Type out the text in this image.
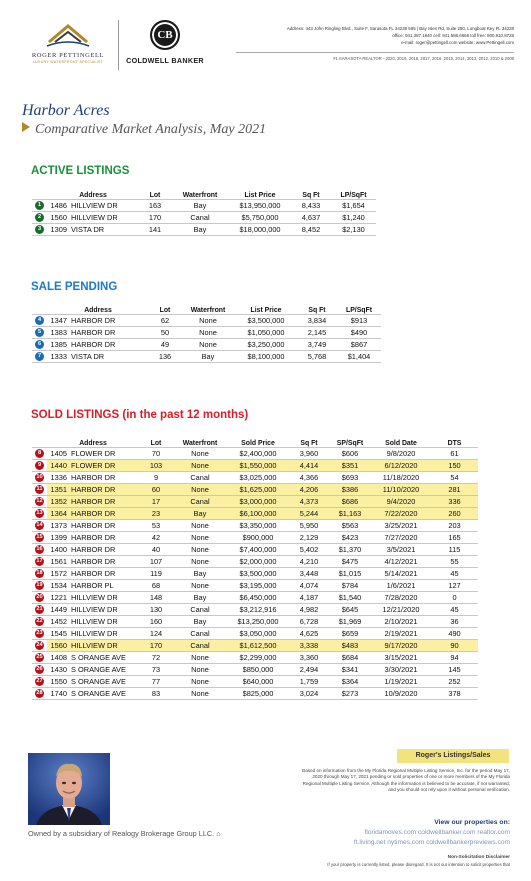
ROGER PETTINGELL
LUXURY WATERFRONT SPECIALIST
CB
COLDWELL BANKER
Address: 443 John Ringling Blvd., Suite F, Sarasota FL 34236 595 | Bay Isles Rd, Suite 250, Longboat Key FL 34228
office: 941.387.1840 cell: 941.586.6668 toll free: 800.910.8728
e-mail: roger@pettingell.com website: www.Pettingell.com
#1 SARASOTA REALTOR - 2020, 2019, 2018, 2017, 2016, 2015, 2014, 2013, 2012, 2010 & 2008
Harbor Acres
Comparative Market Analysis, May 2021
ACTIVE LISTINGS
	Address		Lot	Waterfront	List Price	Sq Ft	LP/SqFt
1	1486	HILLVIEW DR	163	Bay	$13,950,000	8,433	$1,654
2	1560	HILLVIEW DR	170	Canal	$5,750,000	4,637	$1,240
3	1309	VISTA DR	141	Bay	$18,000,000	8,452	$2,130
SALE PENDING
	Address		Lot	Waterfront	List Price	Sq Ft	LP/SqFt
4	1347	HARBOR DR	62	None	$3,500,000	3,834	$913
5	1383	HARBOR DR	50	None	$1,050,000	2,145	$490
6	1385	HARBOR DR	49	None	$3,250,000	3,749	$867
7	1333	VISTA DR	136	Bay	$8,100,000	5,768	$1,404
SOLD LISTINGS (in the past 12 months)
	Address		Lot	Waterfront	Sold Price	Sq Ft	SP/SqFt	Sold Date	DTS
8	1405	FLOWER DR	70	None	$2,400,000	3,960	$606	9/8/2020	61
9	1440	FLOWER DR	103	None	$1,550,000	4,414	$351	6/12/2020	150
10	1336	HARBOR DR	9	Canal	$3,025,000	4,366	$693	11/18/2020	54
11	1351	HARBOR DR	60	None	$1,625,000	4,206	$386	11/10/2020	281
12	1352	HARBOR DR	17	Canal	$3,000,000	4,373	$686	9/4/2020	336
13	1364	HARBOR DR	23	Bay	$6,100,000	5,244	$1,163	7/22/2020	260
14	1373	HARBOR DR	53	None	$3,350,000	5,950	$563	3/25/2021	203
15	1399	HARBOR DR	42	None	$900,000	2,129	$423	7/27/2020	165
16	1400	HARBOR DR	40	None	$7,400,000	5,402	$1,370	3/5/2021	115
17	1561	HARBOR DR	107	None	$2,000,000	4,210	$475	4/12/2021	55
18	1572	HARBOR DR	119	Bay	$3,500,000	3,448	$1,015	5/14/2021	45
19	1534	HARBOR PL	68	None	$3,195,000	4,074	$784	1/6/2021	127
20	1221	HILLVIEW DR	148	Bay	$6,450,000	4,187	$1,540	7/28/2020	0
21	1449	HILLVIEW DR	130	Canal	$3,212,916	4,982	$645	12/21/2020	45
22	1452	HILLVIEW DR	160	Bay	$13,250,000	6,728	$1,969	2/10/2021	36
23	1545	HILLVIEW DR	124	Canal	$3,050,000	4,625	$659	2/19/2021	490
24	1560	HILLVIEW DR	170	Canal	$1,612,500	3,338	$483	9/17/2020	90
25	1408	S ORANGE AVE	72	None	$2,299,000	3,360	$684	3/15/2021	94
26	1430	S ORANGE AVE	73	None	$850,000	2,494	$341	3/30/2021	145
27	1550	S ORANGE AVE	77	None	$640,000	1,759	$364	1/19/2021	252
28	1740	S ORANGE AVE	83	None	$825,000	3,024	$273	10/9/2020	378
Owned by a subsidiary of Realogy Brokerage Group LLC. ⌂
Roger's Listings/Sales
Based on information from the My Florida Regional Multiple Listing Service, Inc. for the period May 17, 2020 through May 17, 2021 pending or sold properties of one or more members of the My Florida Regional Multiple Listing Service. Although the information is believed to be accurate, if not warranted, and you should not rely upon it without personal verification.
View our properties on:
floridamoves.com coldwellbanker.com realtor.com
ft.living.net nytimes.com coldwellbankerpreviews.com
Non-Solicitation Disclaimer
If your property is currently listed, please disregard. It is not our intention to solicit properties that
